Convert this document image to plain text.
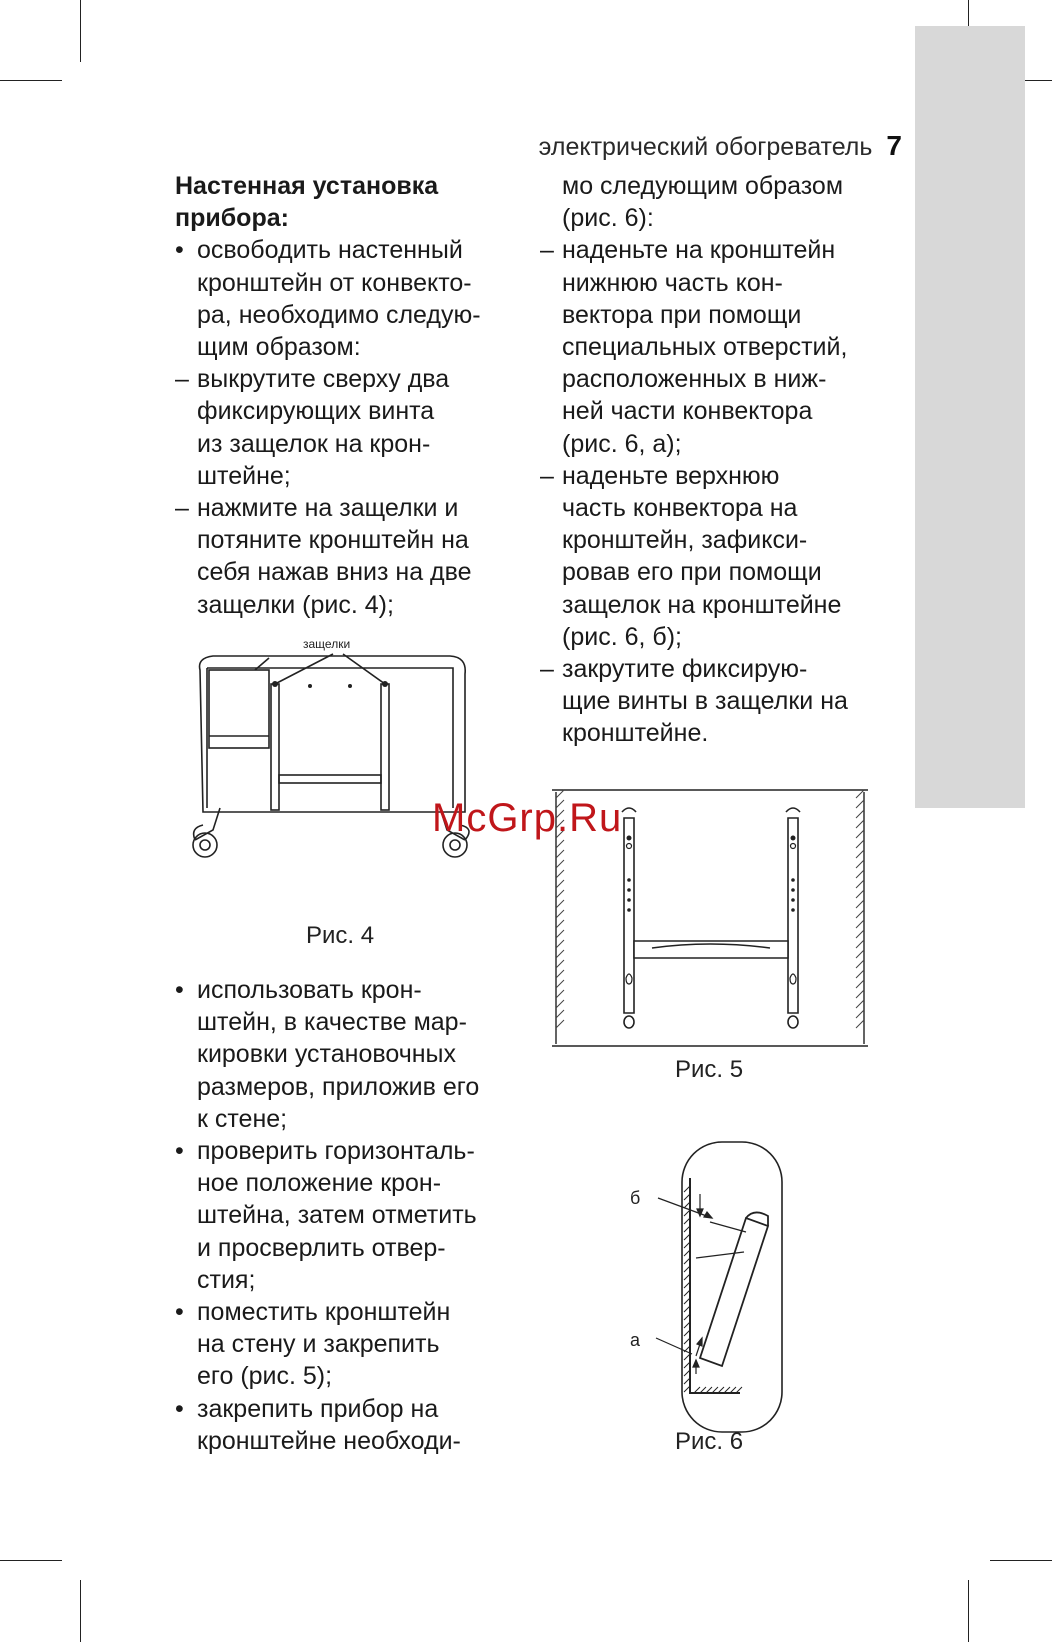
электрический обогреватель 7
Настенная установка
прибора:
• освободить настенный
кронштейн от конвекто-
ра, необходимо следую-
щим образом:
– выкрутите сверху два
фиксирующих винта
из защелок на крон-
штейне;
– нажмите на защелки и
потяните кронштейн на
себя нажав вниз на две
защелки (рис. 4);
защелки
Рис. 4
• использовать крон-
штейн, в качестве мар-
кировки установочных
размеров, приложив его
к стене;
• проверить горизонталь-
ное положение крон-
штейна, затем отметить
и просверлить отвер-
стия;
• поместить кронштейн
на стену и закрепить
его (рис. 5);
• закрепить прибор на
кронштейне необходи-
мо следующим образом
(рис. 6):
– наденьте на кронштейн
нижнюю часть кон-
вектора при помощи
специальных отверстий,
расположенных в ниж-
ней части конвектора
(рис. 6, а);
– наденьте верхнюю
часть конвектора на
кронштейн, зафикси-
ровав его при помощи
защелок на кронштейне
(рис. 6, б);
– закрутите фиксирую-
щие винты в защелки на
кронштейне.
Рис. 5
б
а
Рис. 6
McGrp.Ru
